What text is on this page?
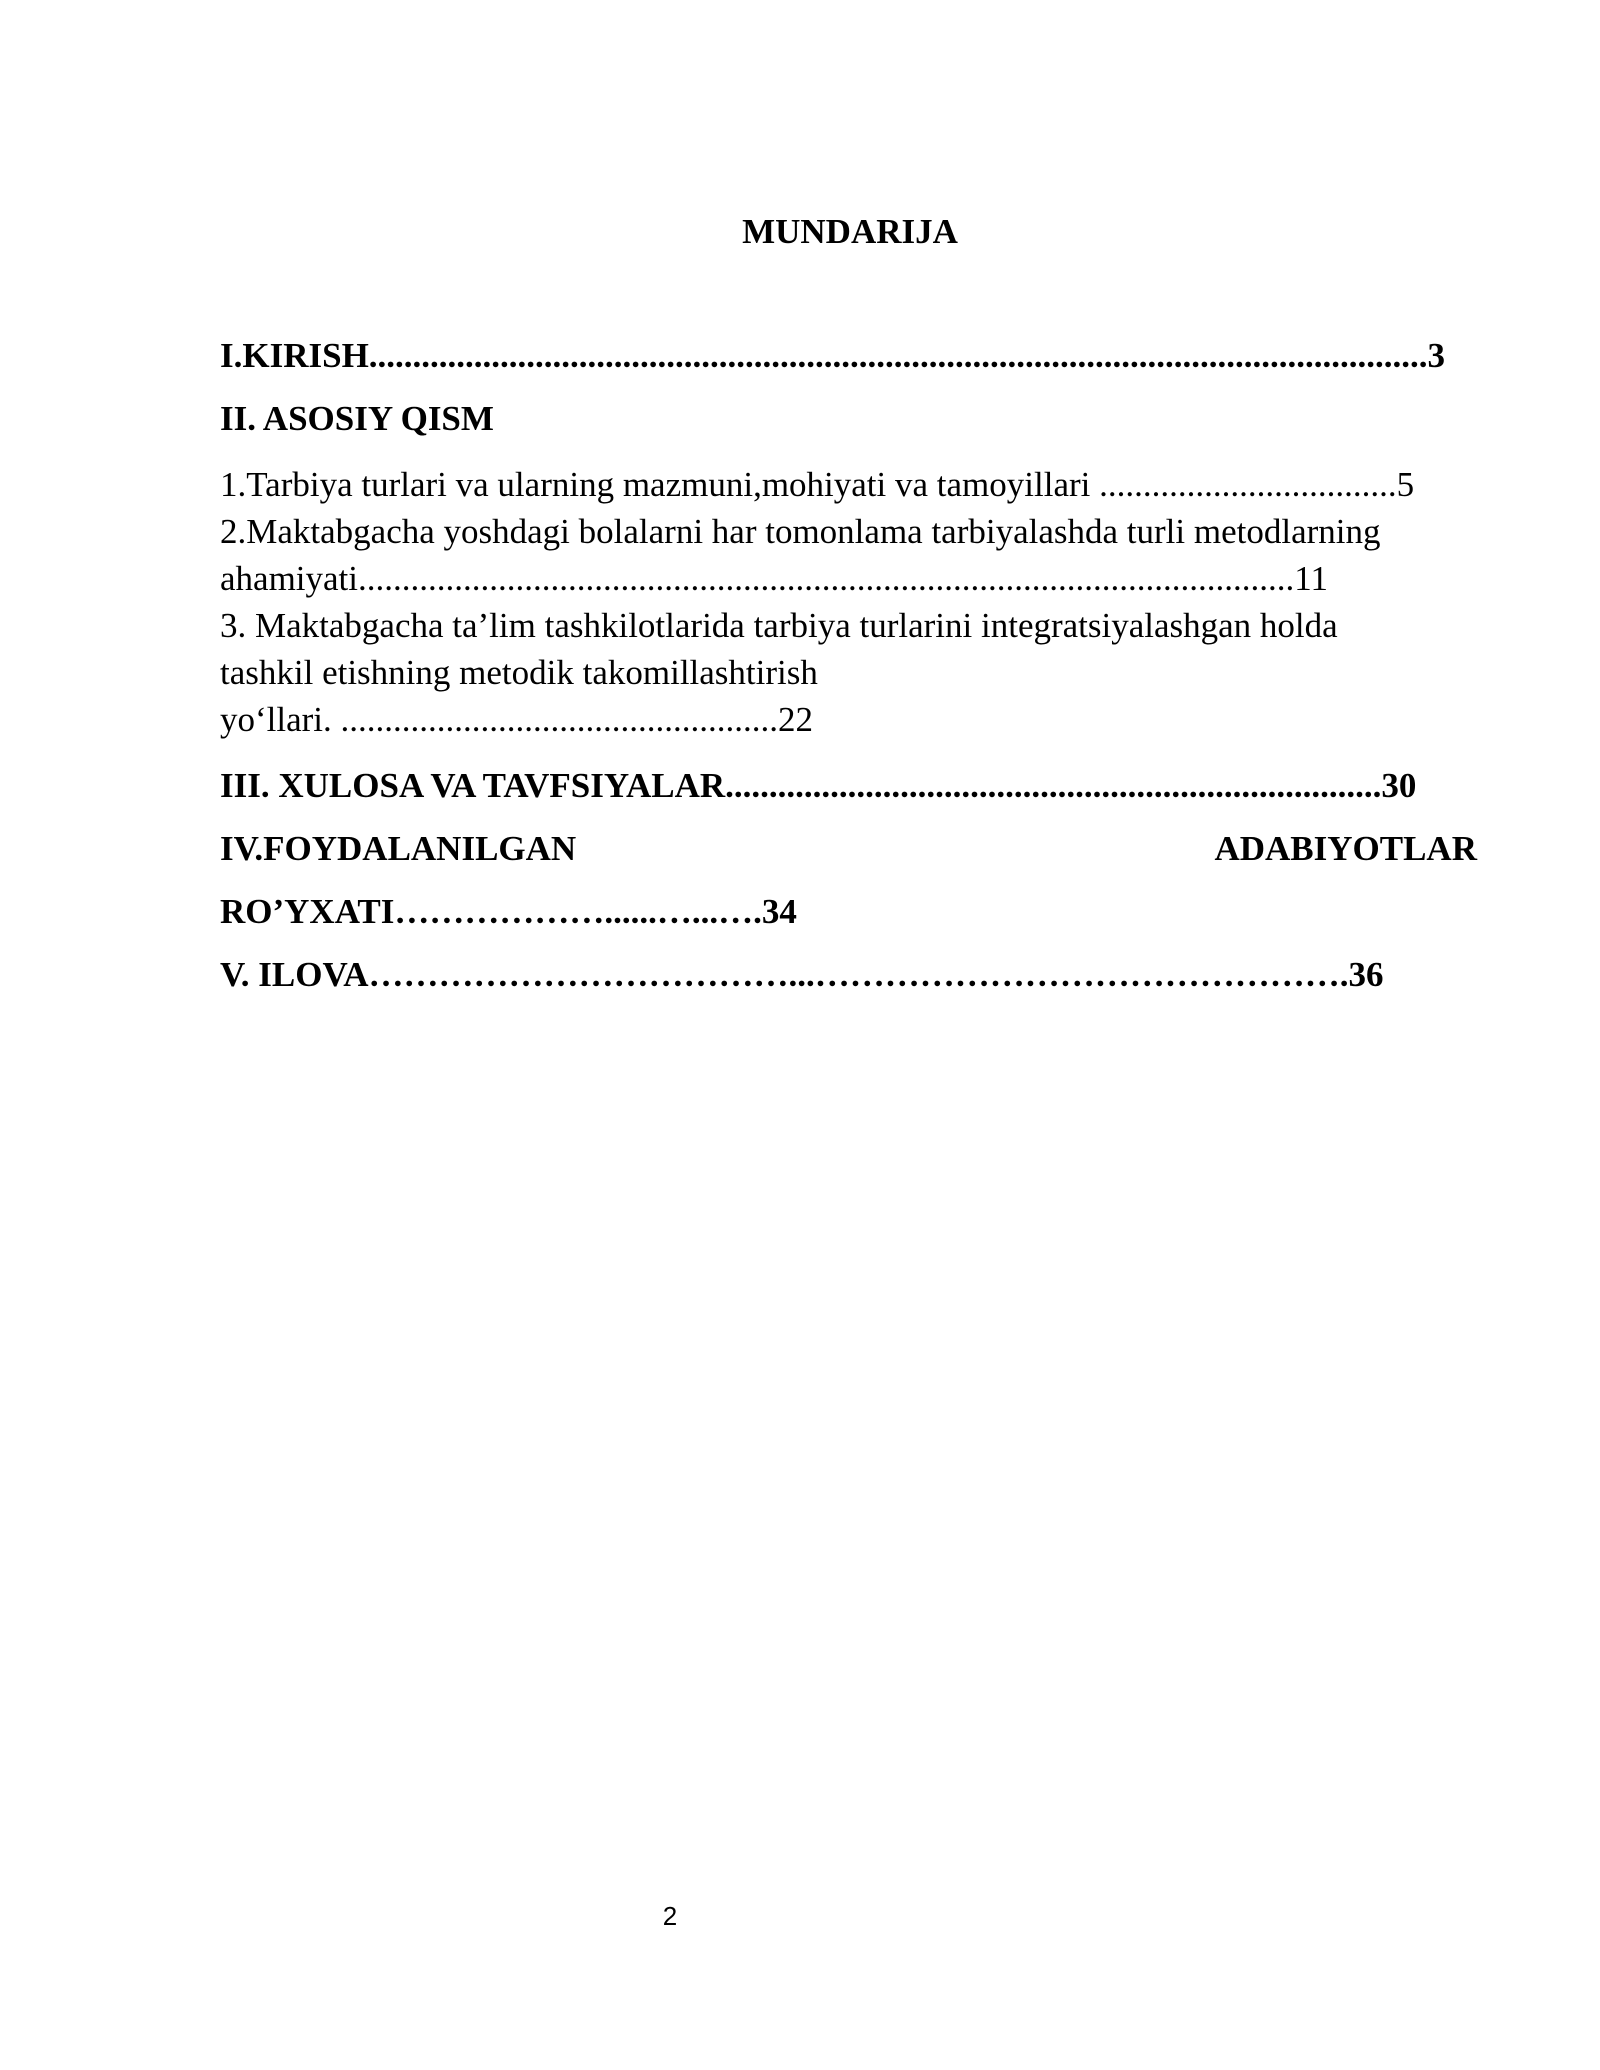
MUNDARIJA
I.KIRISH.........................................................................................................................3
II. ASOSIY QISM
1.Tarbiya turlari va ularning mazmuni,mohiyati va tamoyillari ..................................5
2.Maktabgacha yoshdagi bolalarni har tomonlama tarbiyalashda turli metodlarning
ahamiyati...........................................................................................................11
3. Maktabgacha ta’lim tashkilotlarida tarbiya turlarini integratsiyalashgan holda
tashkil etishning metodik takomillashtirish
yo‘llari. ..................................................22
III. XULOSA VA TAVFSIYALAR...........................................................................30
IV.FOYDALANILGAN	ADABIYOTLAR
RO’YXATI………………......…...….34
V. ILOVA………………………………...……………………………………….36
2
